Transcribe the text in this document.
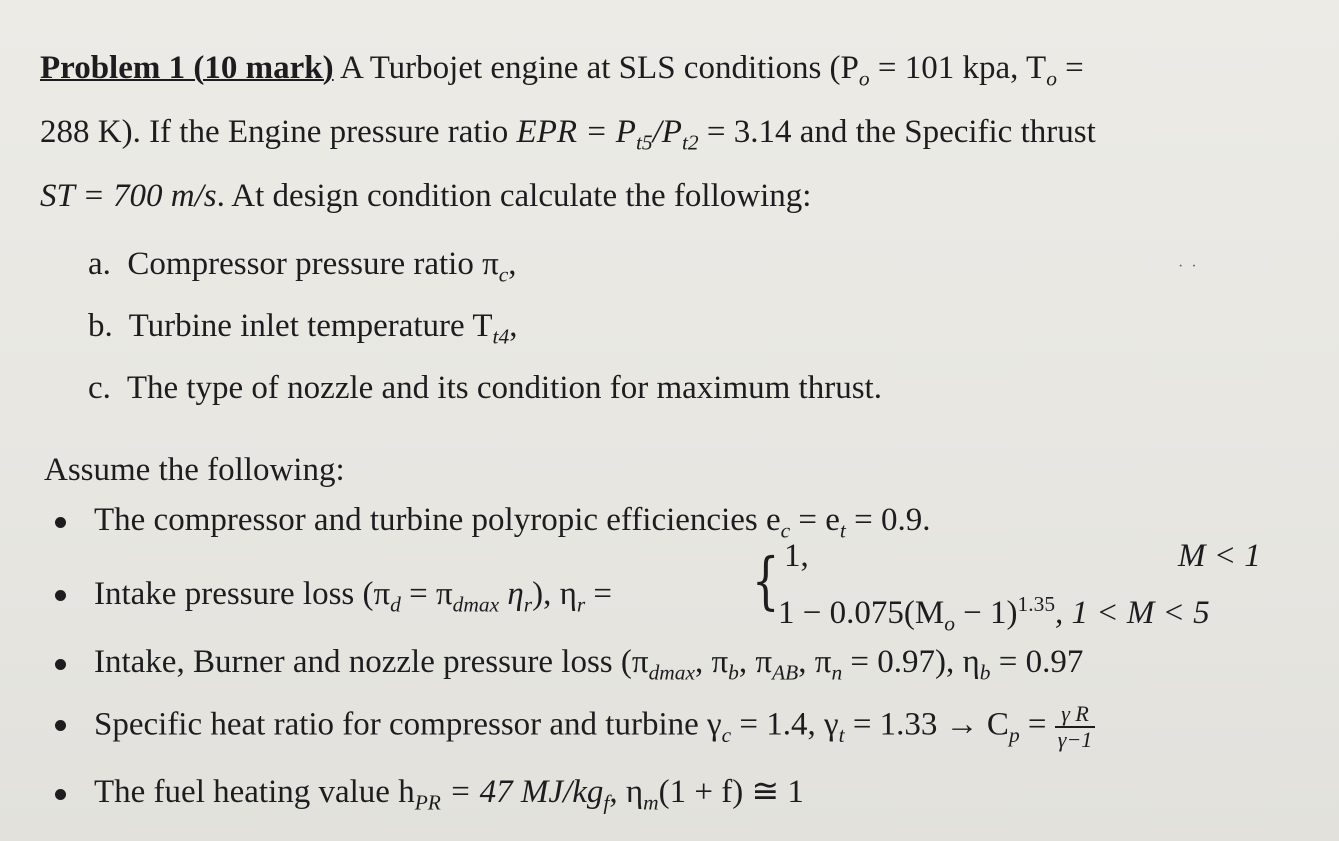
Problem 1 (10 mark) A Turbojet engine at SLS conditions ($P_o = 101$ kpa, $T_o$ =
288 K). If the Engine pressure ratio EPR = $P_{t5}/P_{t2} = 3.14$ and the Specific thrust
ST = 700 m/s. At design condition calculate the following:
a. Compressor pressure ratio $\pi_c$,	· ·
b. Turbine inlet temperature $T_{t4}$,
c. The type of nozzle and its condition for maximum thrust.
Assume the following:
The compressor and turbine polyropic efficiencies $e_c = e_t = 0.9$.
Intake pressure loss ($\pi_d = \pi_{dmax}$ $\eta_r$), $\eta_r$ = { 1,	M < 1
$1 - 0.075(M_o - 1)^{1.35}$, 1 < M < 5
Intake, Burner and nozzle pressure loss ($\pi_{dmax}$, $\pi_b$, $\pi_{AB}$, $\pi_n = 0.97$), $\eta_b = 0.97$
Specific heat ratio for compressor and turbine $\gamma_c = 1.4$, $\gamma_t = 1.33 \to C_p = \frac{\text{γ R}}{\gamma-1}$
The fuel heating value $h_{PR} = 47$ $MJ/kg_f$, $\eta_m(1 + f)$ ≅ 1
